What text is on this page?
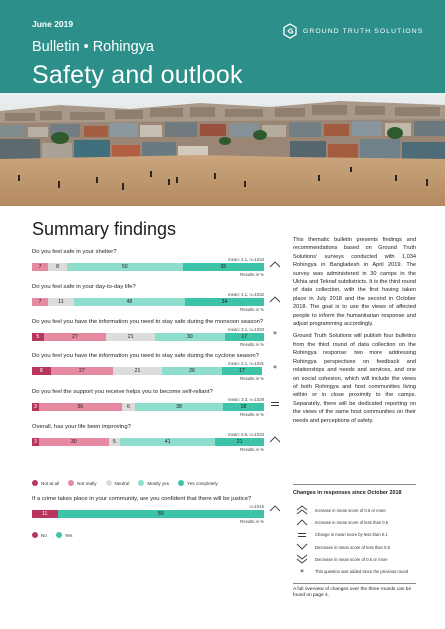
June 2019
Bulletin • Rohingya
Safety and outlook
GROUND TRUTH SOLUTIONS
Summary findings
Do you feel safe in your shelter?
mean: 4.1, n=1034
7	8	50	35
Results in %
Do you feel safe in your day-to-day life?
mean: 4.1, n=1032
7	11	48	34
Results in %
Do you feel you have the information you need to stay safe during the monsoon season?
mean: 3.1, n=1033
5	27	21	30	17
Results in %
*
Do you feel you have the information you need to stay safe during the cyclone season?
mean: 3.1, n=1031
8	27	21	26	17
Results in %
*
Do you feel the support you receive helps you to become self-reliant?
mean: 3.3, n=1029
3	36	6	38	18
Results in %
Overall, has your life been improving?
mean: 3.5, n=1033
3	30	5	41	21
Results in %
If a crime takes place in your community, are you confident that there will be justice?
n=1016
11	89
Results in %
Not at all	Not really	Neutral	Mostly yes	Yes completely
No	Yes

This thematic bulletin presents findings and recommendations based on Ground Truth Solutions' surveys conducted with 1,034 Rohingya in Bangladesh in April 2019. The survey was administered in 30 camps in the Ukhia and Teknaf subdistricts. It is the third round of data collection, with the first having taken place in July 2018 and the second in October 2018. The goal is to use the views of affected people to inform the humanitarian response and adjust programming accordingly.

Ground Truth Solutions will publish four bulletins from the third round of data collection on the Rohingya response: two more addressing Rohingya perspectives on feedback and relationships and needs and services, and one on social cohesion, which will include the views of both Rohingya and host communities living within or in close proximity to the camps. Separately, there will be dedicated reporting on the views of the same host communities on their needs and perceptions of safety.

Changes in responses since October 2018
Increase in mean score of 0.5 or more
Increase in mean score of less than 0.5
Change in mean score by less than 0.1
Decrease in mean score of less than 0.5
Decrease in mean score of 0.5 or more
*	This question was added since the previous round
A full overview of changes over the three rounds can be found on page 4.
